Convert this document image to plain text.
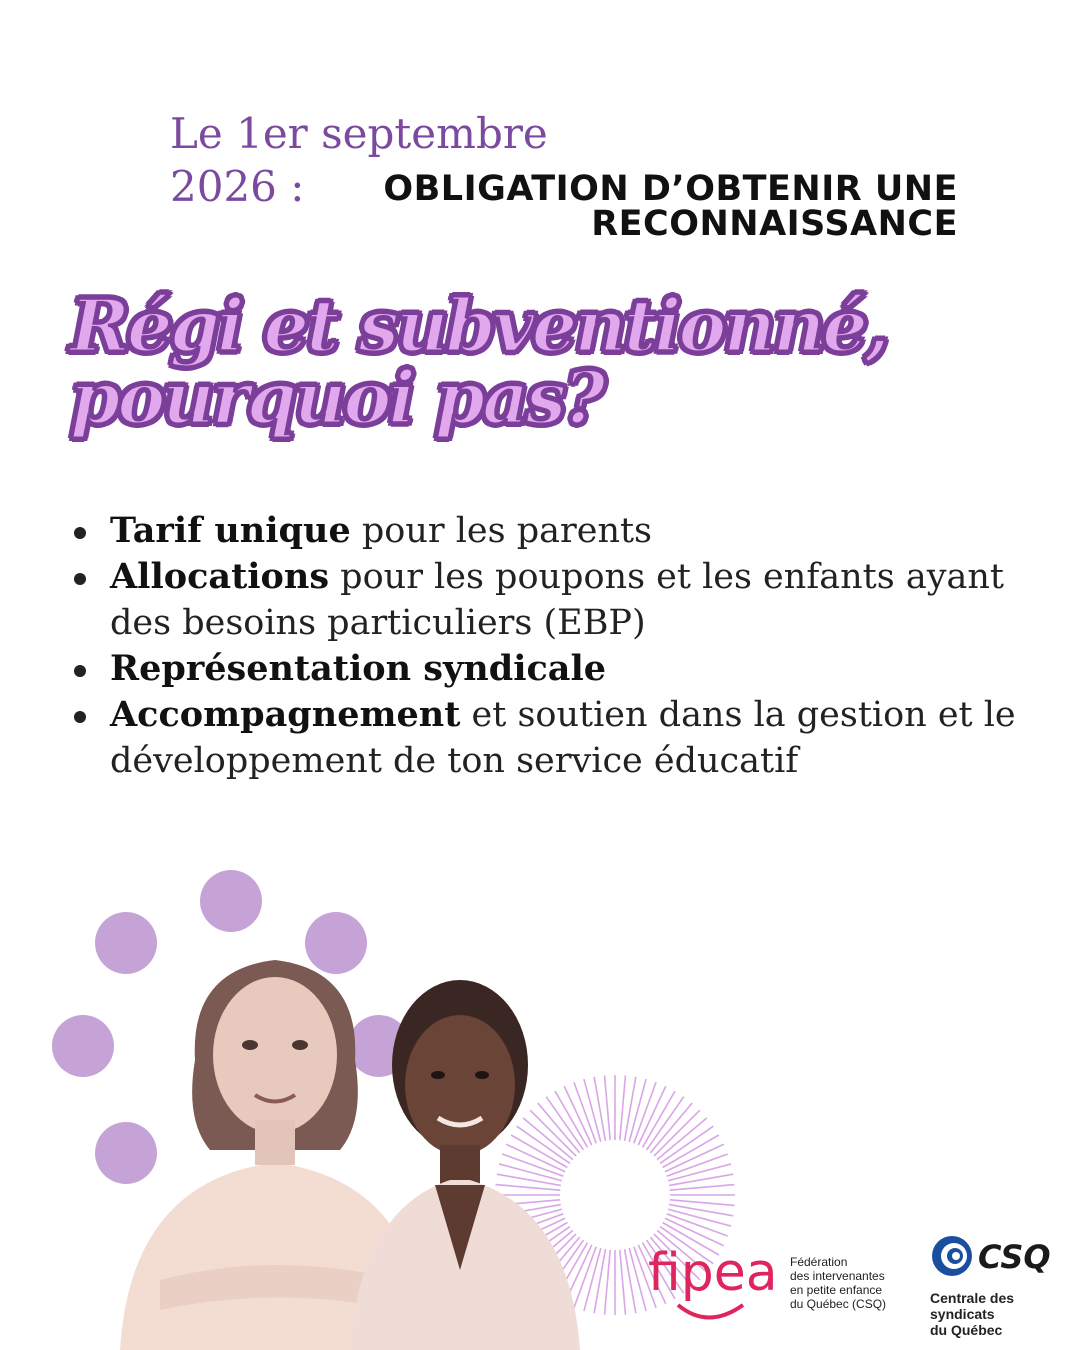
Le 1er septembre
2026 :	OBLIGATION D’OBTENIR UNE
RECONNAISSANCE
Régi et subventionné,
pourquoi pas?
Tarif unique pour les parents
Allocations pour les poupons et les enfants ayant des besoins particuliers (EBP)
Représentation syndicale
Accompagnement et soutien dans la gestion et le développement de ton service éducatif
fipea Fédération
des intervenantes
en petite enfance
du Québec (CSQ)
CSQ
Centrale des syndicats
du Québec
